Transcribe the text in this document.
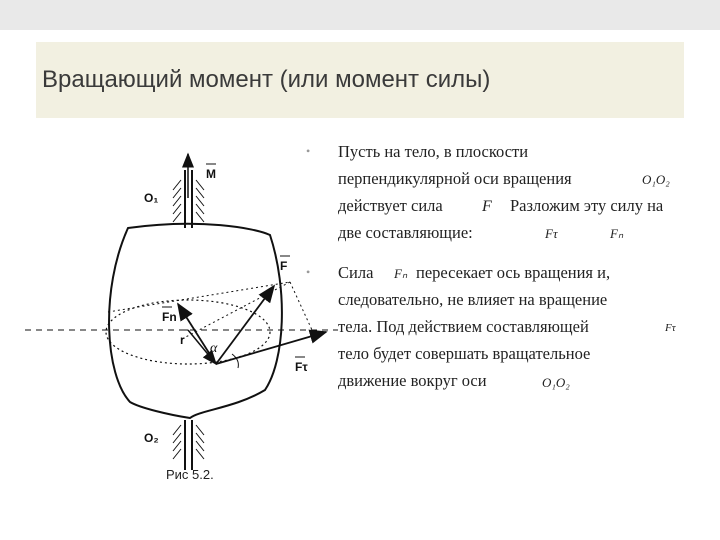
Вращающий момент (или момент силы)
O₁
M
F
Fn
r
Fτ
O₂
α
Рис 5.2.
• Пусть на тело, в плоскости
перпендикулярной оси вращения	O₁O₂
действует сила F Разложим эту силу на
две составляющие:	Fτ	Fₙ
• Сила Fₙ пересекает ось вращения и,
следовательно, не влияет на вращение
тела. Под действием составляющей	Fτ
тело будет совершать вращательное
движение вокруг оси	O₁O₂
